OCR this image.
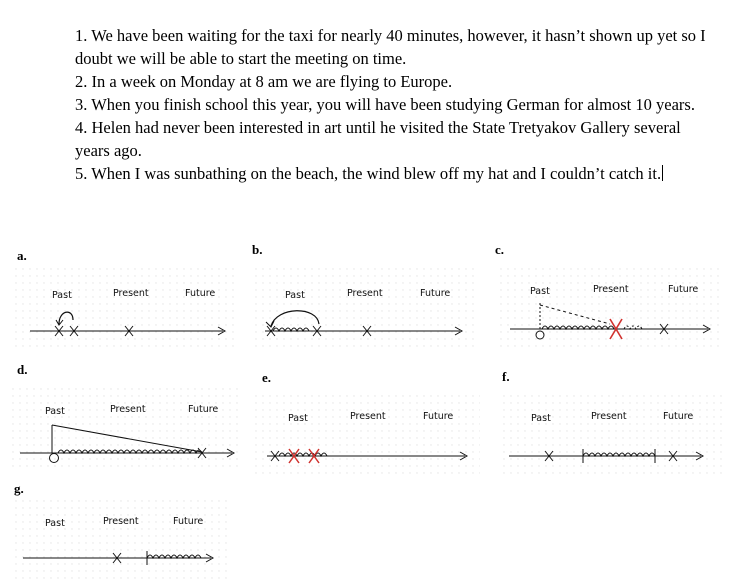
1. We have been waiting for the taxi for nearly 40 minutes, however, it hasn’t shown up yet so I doubt we will be able to start the meeting on time.
2. In a week on Monday at 8 am we are flying to Europe.
3. When you finish school this year, you will have been studying German for almost 10 years.
4. Helen had never been interested in art until he visited the State Tretyakov Gallery several years ago.
5. When I was sunbathing on the beach, the wind blew off my hat and I couldn’t catch it.
a.	b.	c.
d.
e.	f.
g.
Past	Present	Future	Past	Present	Future	Past	Present	Future
Past	Present	Future
Past	Present	Future	Past	Present	Future
Past	Present	Future
